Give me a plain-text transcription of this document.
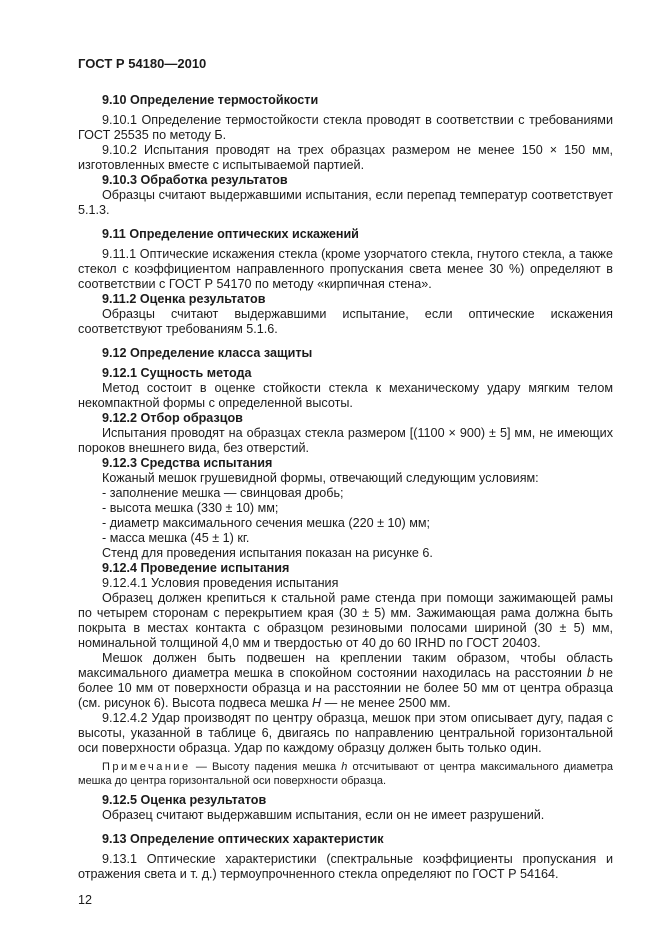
ГОСТ Р 54180—2010
9.10 Определение термостойкости

9.10.1 Определение термостойкости стекла проводят в соответствии с требованиями ГОСТ 25535 по методу Б.

9.10.2 Испытания проводят на трех образцах размером не менее 150 × 150 мм, изготовленных вместе с испытываемой партией.

9.10.3 Обработка результатов

Образцы считают выдержавшими испытания, если перепад температур соответствует 5.1.3.

9.11 Определение оптических искажений

9.11.1 Оптические искажения стекла (кроме узорчатого стекла, гнутого стекла, а также стекол с коэффициентом направленного пропускания света менее 30 %) определяют в соответствии с ГОСТ Р 54170 по методу «кирпичная стена».

9.11.2 Оценка результатов

Образцы считают выдержавшими испытание, если оптические искажения соответствуют требованиям 5.1.6.

9.12 Определение класса защиты

9.12.1 Сущность метода

Метод состоит в оценке стойкости стекла к механическому удару мягким телом некомпактной формы с определенной высоты.

9.12.2 Отбор образцов

Испытания проводят на образцах стекла размером [(1100 × 900) ± 5] мм, не имеющих пороков внешнего вида, без отверстий.

9.12.3 Средства испытания

Кожаный мешок грушевидной формы, отвечающий следующим условиям:

- заполнение мешка — свинцовая дробь;

- высота мешка (330 ± 10) мм;

- диаметр максимального сечения мешка (220 ± 10) мм;

- масса мешка (45 ± 1) кг.

Стенд для проведения испытания показан на рисунке 6.

9.12.4 Проведение испытания

9.12.4.1 Условия проведения испытания

Образец должен крепиться к стальной раме стенда при помощи зажимающей рамы по четырем сторонам с перекрытием края (30 ± 5) мм. Зажимающая рама должна быть покрыта в местах контакта с образцом резиновыми полосами шириной (30 ± 5) мм, номинальной толщиной 4,0 мм и твердостью от 40 до 60 IRHD по ГОСТ 20403.

Мешок должен быть подвешен на креплении таким образом, чтобы область максимального диаметра мешка в спокойном состоянии находилась на расстоянии b не более 10 мм от поверхности образца и на расстоянии не более 50 мм от центра образца (см. рисунок 6). Высота подвеса мешка H — не менее 2500 мм.

9.12.4.2 Удар производят по центру образца, мешок при этом описывает дугу, падая с высоты, указанной в таблице 6, двигаясь по направлению центральной горизонтальной оси поверхности образца. Удар по каждому образцу должен быть только один.

Примечание — Высоту падения мешка h отсчитывают от центра максимального диаметра мешка до центра горизонтальной оси поверхности образца.

9.12.5 Оценка результатов

Образец считают выдержавшим испытания, если он не имеет разрушений.

9.13 Определение оптических характеристик

9.13.1 Оптические характеристики (спектральные коэффициенты пропускания и отражения света и т. д.) термоупрочненного стекла определяют по ГОСТ Р 54164.

12
